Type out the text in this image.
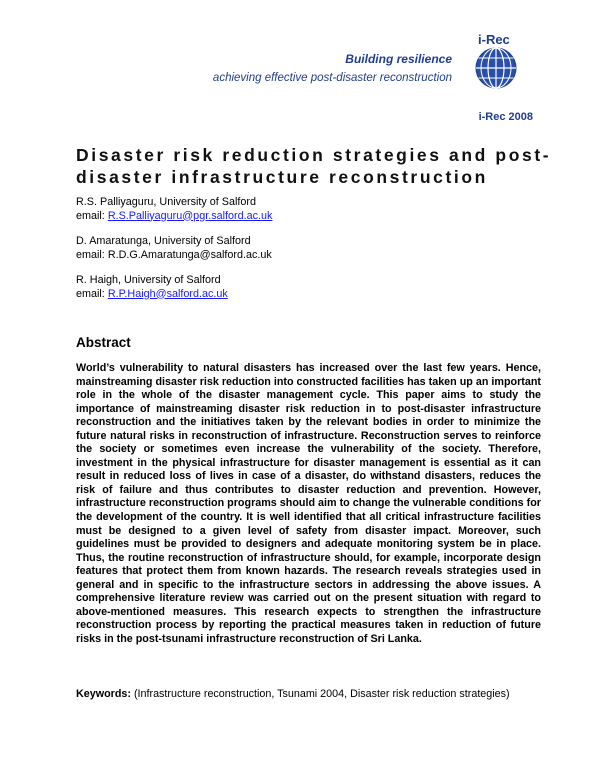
Building resilience
achieving effective post-disaster reconstruction
i-Rec
i-Rec 2008
Disaster risk reduction strategies and post-disaster infrastructure reconstruction
R.S. Palliyaguru, University of Salford
email: R.S.Palliyaguru@pgr.salford.ac.uk
D. Amaratunga, University of Salford
email: R.D.G.Amaratunga@salford.ac.uk
R. Haigh, University of Salford
email: R.P.Haigh@salford.ac.uk
Abstract
World’s vulnerability to natural disasters has increased over the last few years. Hence, mainstreaming disaster risk reduction into constructed facilities has taken up an important role in the whole of the disaster management cycle. This paper aims to study the importance of mainstreaming disaster risk reduction in to post-disaster infrastructure reconstruction and the initiatives taken by the relevant bodies in order to minimize the future natural risks in reconstruction of infrastructure. Reconstruction serves to reinforce the society or sometimes even increase the vulnerability of the society. Therefore, investment in the physical infrastructure for disaster management is essential as it can result in reduced loss of lives in case of a disaster, do withstand disasters, reduces the risk of failure and thus contributes to disaster reduction and prevention. However, infrastructure reconstruction programs should aim to change the vulnerable conditions for the development of the country. It is well identified that all critical infrastructure facilities must be designed to a given level of safety from disaster impact. Moreover, such guidelines must be provided to designers and adequate monitoring system be in place. Thus, the routine reconstruction of infrastructure should, for example, incorporate design features that protect them from known hazards. The research reveals strategies used in general and in specific to the infrastructure sectors in addressing the above issues. A comprehensive literature review was carried out on the present situation with regard to above-mentioned measures. This research expects to strengthen the infrastructure reconstruction process by reporting the practical measures taken in reduction of future risks in the post-tsunami infrastructure reconstruction of Sri Lanka.
Keywords: (Infrastructure reconstruction, Tsunami 2004, Disaster risk reduction strategies)
